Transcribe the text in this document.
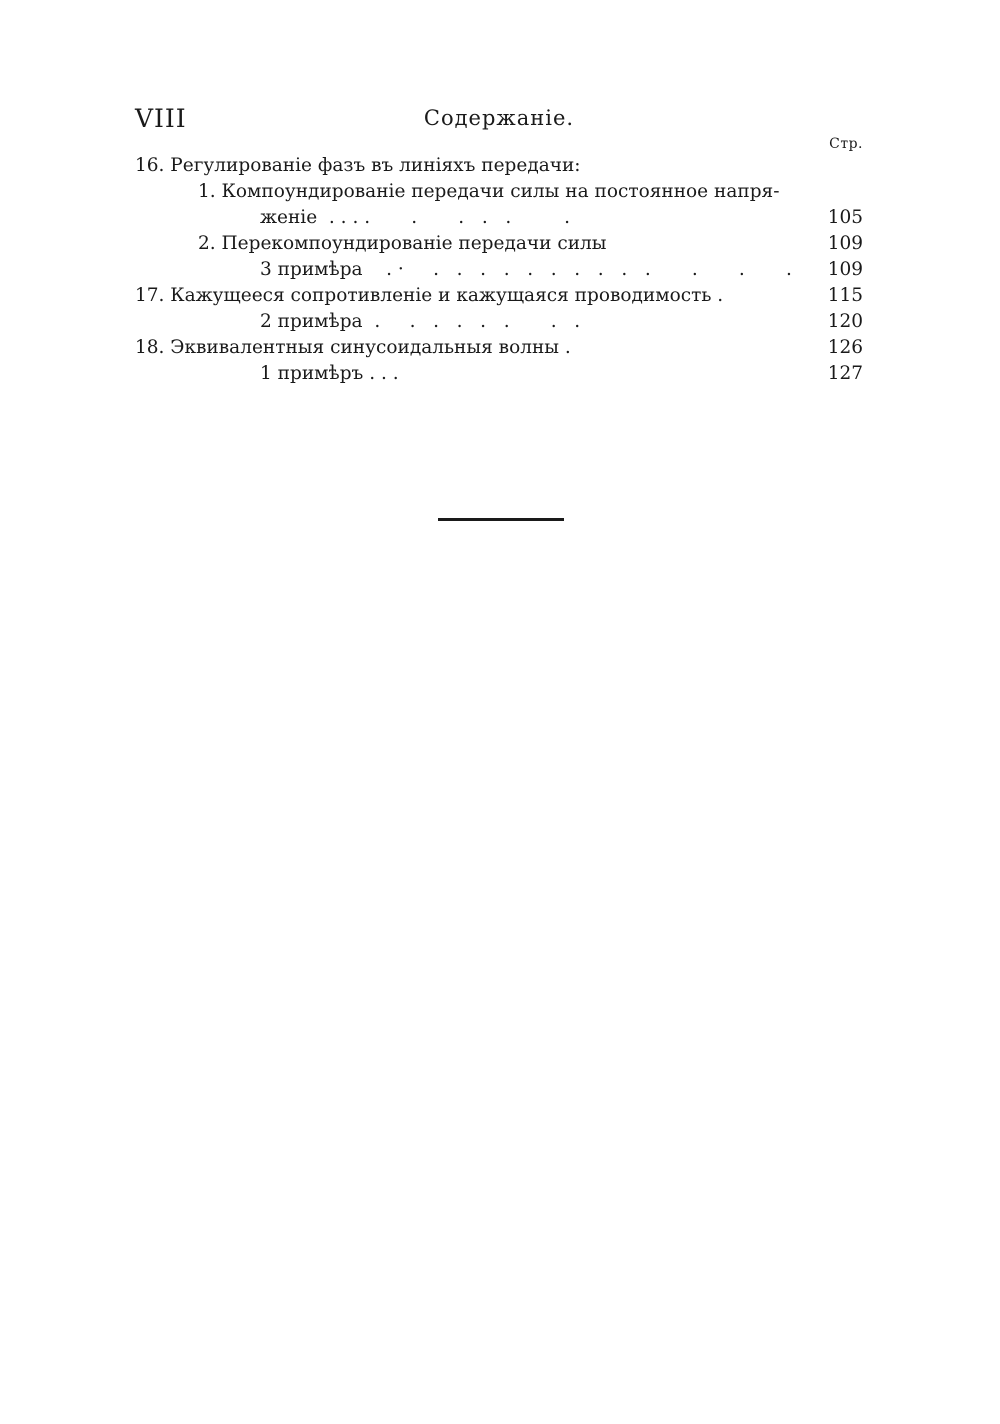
VIII	Содержаніе.
Стр.
16. Регулированіе фазъ въ линіяхъ передачи:
1. Компоундированіе передачи силы на постоянное напря-
женіе  . . . .       .       .   .   .         .	105
2. Перекомпоундированіе передачи силы	109
3 примѣра    . ·     .   .   .   .   .   .   .   .   .   .       .       .       . 109
17. Кажущееся сопротивленіе и кажущаяся проводимость .	115
2 примѣра  .     .   .   .   .   .       .   .	120
18. Эквивалентныя синусоидальныя волны .	126
1 примѣръ . . .	127
